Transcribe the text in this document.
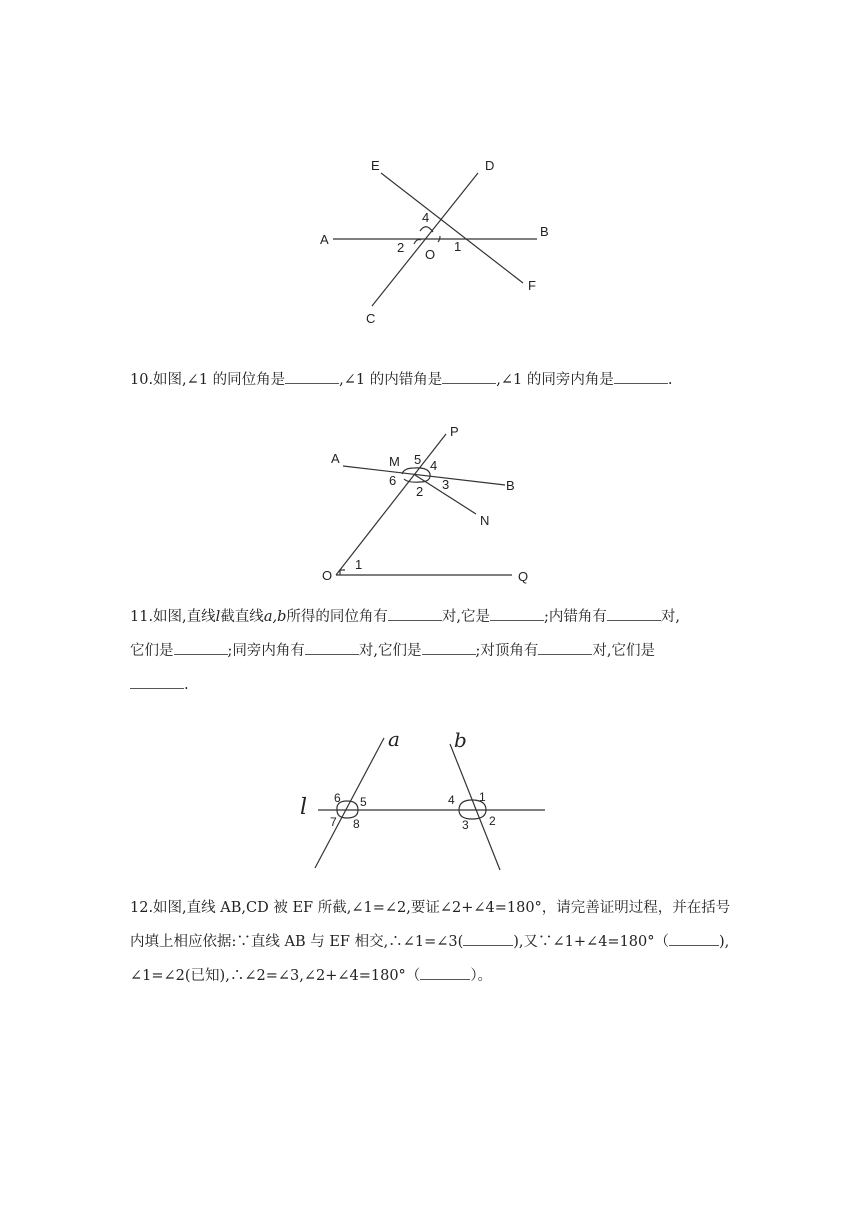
E	D
A
B
O
F
C
4
2	1

10.如图,∠1 的同位角是	,∠1 的内错角是	,∠1 的同旁内角是	.

P
A	M 5 4
6
2 3	B
N
1
O	Q

11.如图,直线l截直线a,b所得的同位角有	对,它是	;内错角有	对,
它们是	;同旁内角有	对,它们是	;对顶角有	对,它们是
.

a	b
l 6 5
7 8
4 1
3 2

12.如图,直线 AB,CD 被 EF 所截,∠1=∠2,要证∠2+∠4=180°，请完善证明过程，并在括号
内填上相应依据:∵直线 AB 与 EF 相交,∴∠1=∠3(	),又∵∠1+∠4=180°（	),
∠1=∠2(已知),∴∠2=∠3,∠2+∠4=180°（	）。
